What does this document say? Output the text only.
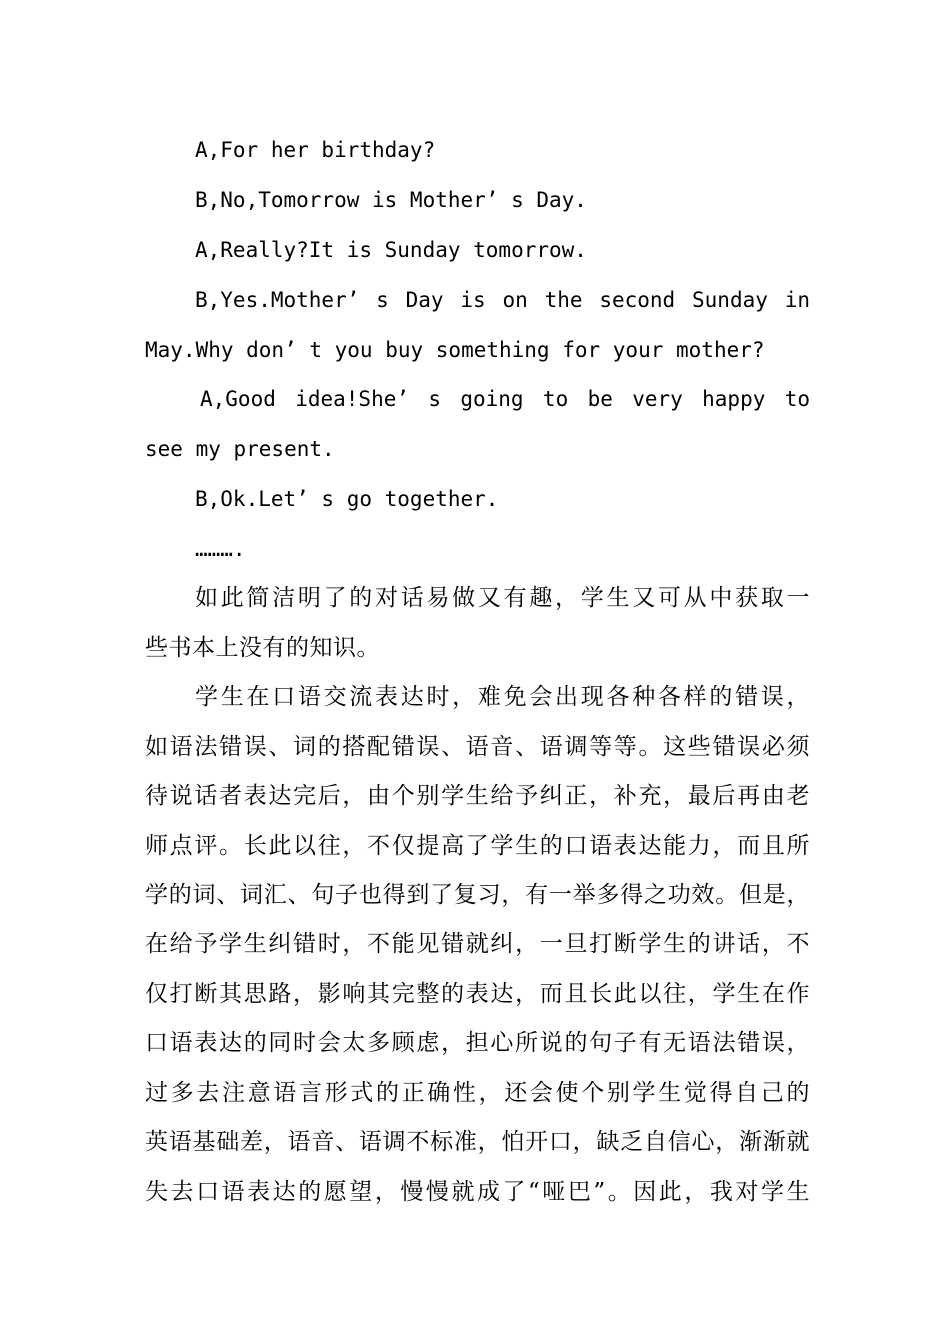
A,For her birthday?
B,No,Tomorrow is Mother’ s Day.
A,Really?It is Sunday tomorrow.
B,Yes.Mother’ s Day is on the second Sunday in
May.Why don’ t you buy something for your mother?
A,Good idea!She’ s going to be very happy to
see my present.
B,Ok.Let’ s go together.
……….
如此简洁明了的对话易做又有趣，学生又可从中获取一
些书本上没有的知识。
学生在口语交流表达时，难免会出现各种各样的错误，
如语法错误、词的搭配错误、语音、语调等等。这些错误必须
待说话者表达完后，由个别学生给予纠正，补充，最后再由老
师点评。长此以往，不仅提高了学生的口语表达能力，而且所
学的词、词汇、句子也得到了复习，有一举多得之功效。但是，
在给予学生纠错时，不能见错就纠，一旦打断学生的讲话，不
仅打断其思路，影响其完整的表达，而且长此以往，学生在作
口语表达的同时会太多顾虑，担心所说的句子有无语法错误，
过多去注意语言形式的正确性，还会使个别学生觉得自己的
英语基础差，语音、语调不标准，怕开口，缺乏自信心，渐渐就
失去口语表达的愿望，慢慢就成了“哑巴”。因此，我对学生
